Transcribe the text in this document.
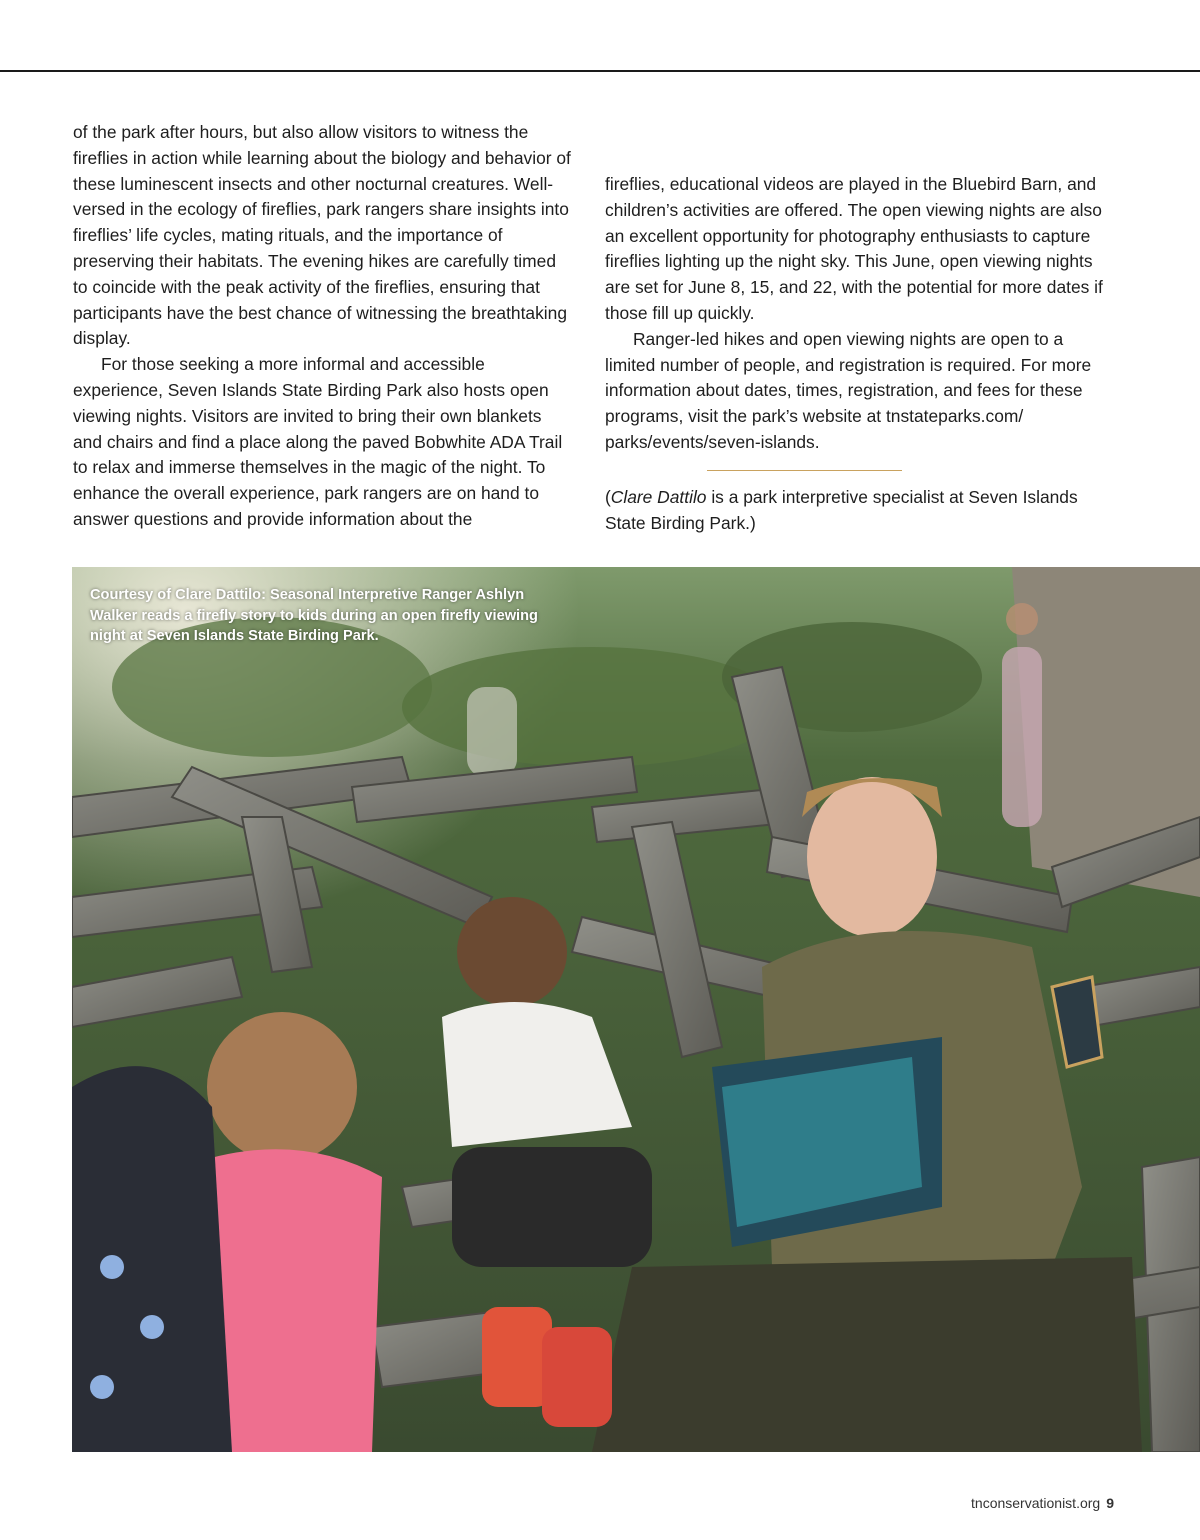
of the park after hours, but also allow visitors to witness the fireflies in action while learning about the biology and behavior of these luminescent insects and other nocturnal creatures. Well-versed in the ecology of fireflies, park rangers share insights into fireflies’ life cycles, mating rituals, and the importance of preserving their habitats. The evening hikes are carefully timed to coincide with the peak activity of the fireflies, ensuring that participants have the best chance of witnessing the breathtaking display.

For those seeking a more informal and accessible experience, Seven Islands State Birding Park also hosts open viewing nights. Visitors are invited to bring their own blankets and chairs and find a place along the paved Bobwhite ADA Trail to relax and immerse themselves in the magic of the night. To enhance the overall experience, park rangers are on hand to answer questions and provide information about the

fireflies, educational videos are played in the Bluebird Barn, and children’s activities are offered. The open viewing nights are also an excellent opportunity for photography enthusiasts to capture fireflies lighting up the night sky. This June, open viewing nights are set for June 8, 15, and 22, with the potential for more dates if those fill up quickly.

Ranger-led hikes and open viewing nights are open to a limited number of people, and registration is required. For more information about dates, times, registration, and fees for these programs, visit the park’s website at tnstateparks.com/ parks/events/seven-islands.

(Clare Dattilo is a park interpretive specialist at Seven Islands State Birding Park.)

Courtesy of Clare Dattilo: Seasonal Interpretive Ranger Ashlyn Walker reads a firefly story to kids during an open firefly viewing night at Seven Islands State Birding Park.
tnconservationist.org 9
